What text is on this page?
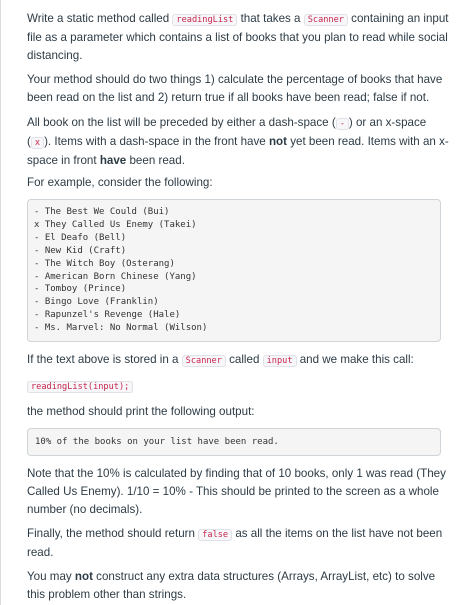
Write a static method called readingList that takes a Scanner containing an input file as a parameter which contains a list of books that you plan to read while social distancing.

Your method should do two things 1) calculate the percentage of books that have been read on the list and 2) return true if all books have been read; false if not.

All book on the list will be preceded by either a dash-space ( - ) or an x-space ( x ). Items with a dash-space in the front have not yet been read. Items with an x-space in front have been read.

For example, consider the following:

- The Best We Could (Bui)
x They Called Us Enemy (Takei)
- El Deafo (Bell)
- New Kid (Craft)
- The Witch Boy (Osterang)
- American Born Chinese (Yang)
- Tomboy (Prince)
- Bingo Love (Franklin)
- Rapunzel's Revenge (Hale)
- Ms. Marvel: No Normal (Wilson)

If the text above is stored in a Scanner called input and we make this call:

readingList(input);

the method should print the following output:

10% of the books on your list have been read.

Note that the 10% is calculated by finding that of 10 books, only 1 was read (They Called Us Enemy). 1/10 = 10% - This should be printed to the screen as a whole number (no decimals).

Finally, the method should return false as all the items on the list have not been read.

You may not construct any extra data structures (Arrays, ArrayList, etc) to solve this problem other than strings.
